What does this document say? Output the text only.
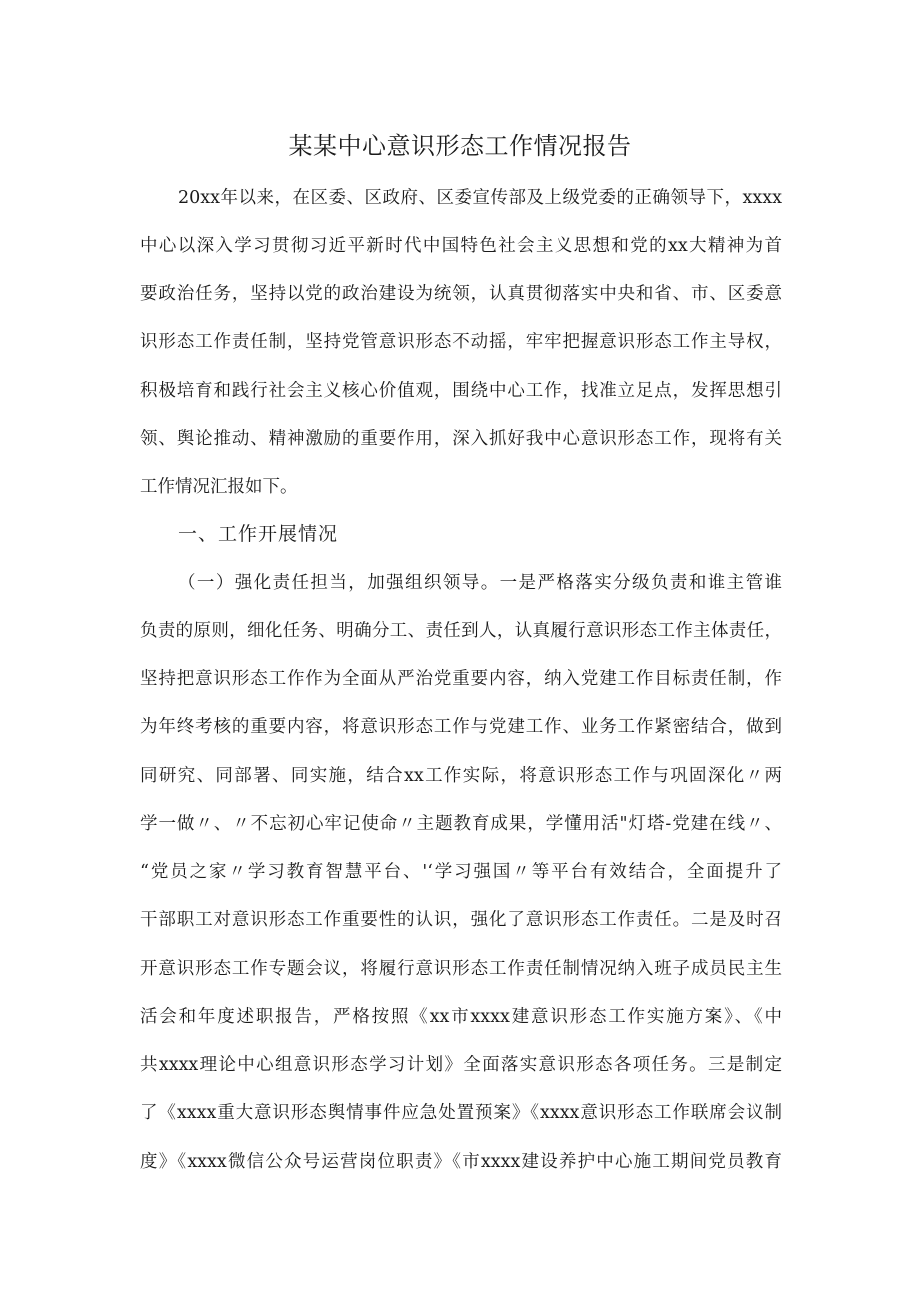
某某中心意识形态工作情况报告
20xx年以来，在区委、区政府、区委宣传部及上级党委的正确领导下，xxxx
中心以深入学习贯彻习近平新时代中国特色社会主义思想和党的xx大精神为首
要政治任务，坚持以党的政治建设为统领，认真贯彻落实中央和省、市、区委意
识形态工作责任制，坚持党管意识形态不动摇，牢牢把握意识形态工作主导权，
积极培育和践行社会主义核心价值观，围绕中心工作，找准立足点，发挥思想引
领、舆论推动、精神激励的重要作用，深入抓好我中心意识形态工作，现将有关
工作情况汇报如下。
一、工作开展情况
（一）强化责任担当，加强组织领导。一是严格落实分级负责和谁主管谁
负责的原则，细化任务、明确分工、责任到人，认真履行意识形态工作主体责任，
坚持把意识形态工作作为全面从严治党重要内容，纳入党建工作目标责任制，作
为年终考核的重要内容，将意识形态工作与党建工作、业务工作紧密结合，做到
同研究、同部署、同实施，结合xx工作实际，将意识形态工作与巩固深化〃两
学一做〃、〃不忘初心牢记使命〃主题教育成果，学懂用活"灯塔-党建在线〃、
“党员之家〃学习教育智慧平台、'‘学习强国〃等平台有效结合，全面提升了
干部职工对意识形态工作重要性的认识，强化了意识形态工作责任。二是及时召
开意识形态工作专题会议，将履行意识形态工作责任制情况纳入班子成员民主生
活会和年度述职报告，严格按照《xx市xxxx建意识形态工作实施方案》、《中
共xxxx理论中心组意识形态学习计划》全面落实意识形态各项任务。三是制定
了《xxxx重大意识形态舆情事件应急处置预案》《xxxx意识形态工作联席会议制
度》《xxxx微信公众号运营岗位职责》《市xxxx建设养护中心施工期间党员教育
